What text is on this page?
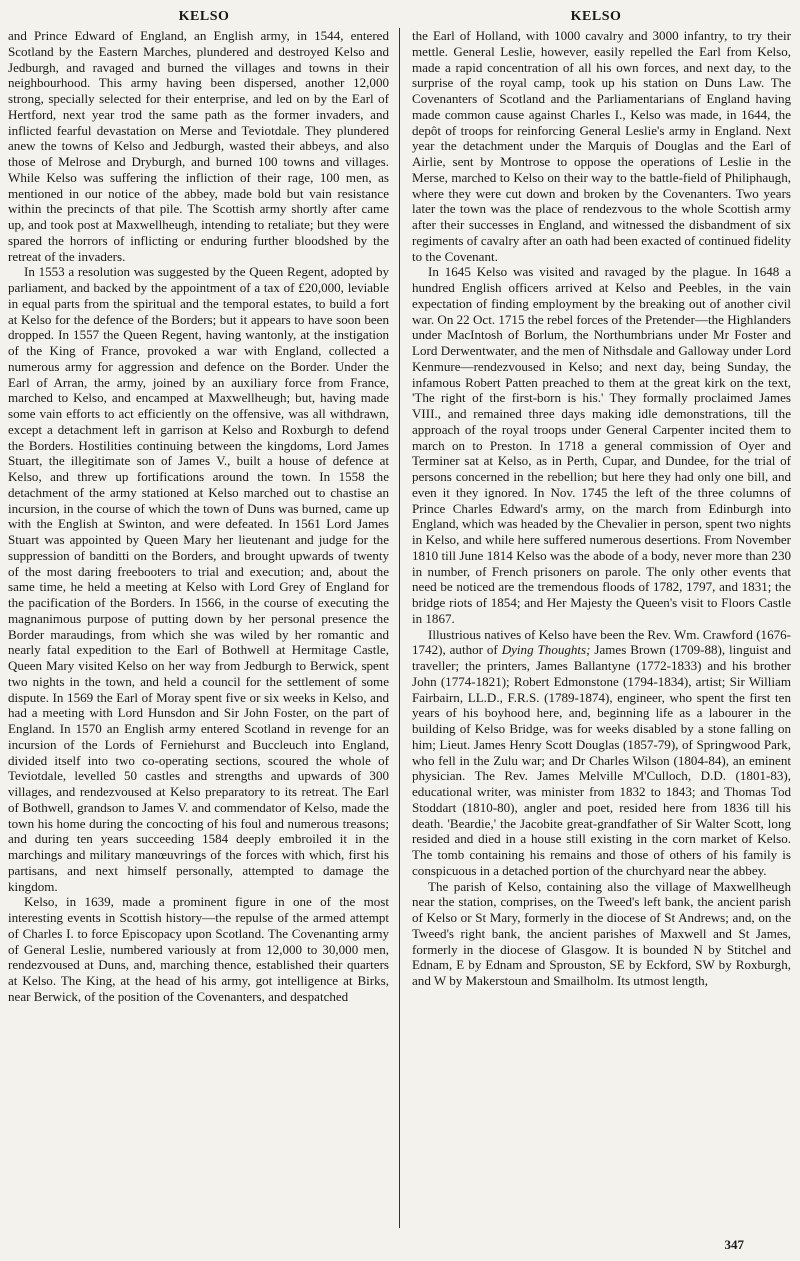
KELSO	KELSO

and Prince Edward of England, an English army, in 1544, entered Scotland by the Eastern Marches, plundered and destroyed Kelso and Jedburgh, and ravaged and burned the villages and towns in their neighbourhood. This army having been dispersed, another 12,000 strong, specially selected for their enterprise, and led on by the Earl of Hertford, next year trod the same path as the former invaders, and inflicted fearful devastation on Merse and Teviotdale. They plundered anew the towns of Kelso and Jedburgh, wasted their abbeys, and also those of Melrose and Dryburgh, and burned 100 towns and villages. While Kelso was suffering the infliction of their rage, 100 men, as mentioned in our notice of the abbey, made bold but vain resistance within the precincts of that pile. The Scottish army shortly after came up, and took post at Maxwellheugh, intending to retaliate; but they were spared the horrors of inflicting or enduring further bloodshed by the retreat of the invaders.

In 1553 a resolution was suggested by the Queen Regent, adopted by parliament, and backed by the appointment of a tax of £20,000, leviable in equal parts from the spiritual and the temporal estates, to build a fort at Kelso for the defence of the Borders; but it appears to have soon been dropped. In 1557 the Queen Regent, having wantonly, at the instigation of the King of France, provoked a war with England, collected a numerous army for aggression and defence on the Border. Under the Earl of Arran, the army, joined by an auxiliary force from France, marched to Kelso, and encamped at Maxwellheugh; but, having made some vain efforts to act efficiently on the offensive, was all withdrawn, except a detachment left in garrison at Kelso and Roxburgh to defend the Borders. Hostilities continuing between the kingdoms, Lord James Stuart, the illegitimate son of James V., built a house of defence at Kelso, and threw up fortifications around the town. In 1558 the detachment of the army stationed at Kelso marched out to chastise an incursion, in the course of which the town of Duns was burned, came up with the English at Swinton, and were defeated. In 1561 Lord James Stuart was appointed by Queen Mary her lieutenant and judge for the suppression of banditti on the Borders, and brought upwards of twenty of the most daring freebooters to trial and execution; and, about the same time, he held a meeting at Kelso with Lord Grey of England for the pacification of the Borders. In 1566, in the course of executing the magnanimous purpose of putting down by her personal presence the Border maraudings, from which she was wiled by her romantic and nearly fatal expedition to the Earl of Bothwell at Hermitage Castle, Queen Mary visited Kelso on her way from Jedburgh to Berwick, spent two nights in the town, and held a council for the settlement of some dispute. In 1569 the Earl of Moray spent five or six weeks in Kelso, and had a meeting with Lord Hunsdon and Sir John Foster, on the part of England. In 1570 an English army entered Scotland in revenge for an incursion of the Lords of Ferniehurst and Buccleuch into England, divided itself into two co-operating sections, scoured the whole of Teviotdale, levelled 50 castles and strengths and upwards of 300 villages, and rendezvoused at Kelso preparatory to its retreat. The Earl of Bothwell, grandson to James V. and commendator of Kelso, made the town his home during the concocting of his foul and numerous treasons; and during ten years succeeding 1584 deeply embroiled it in the marchings and military manœuvrings of the forces with which, first his partisans, and next himself personally, attempted to damage the kingdom.

Kelso, in 1639, made a prominent figure in one of the most interesting events in Scottish history—the repulse of the armed attempt of Charles I. to force Episcopacy upon Scotland. The Covenanting army of General Leslie, numbered variously at from 12,000 to 30,000 men, rendezvoused at Duns, and, marching thence, established their quarters at Kelso. The King, at the head of his army, got intelligence at Birks, near Berwick, of the position of the Covenanters, and despatched

the Earl of Holland, with 1000 cavalry and 3000 infantry, to try their mettle. General Leslie, however, easily repelled the Earl from Kelso, made a rapid concentration of all his own forces, and next day, to the surprise of the royal camp, took up his station on Duns Law. The Covenanters of Scotland and the Parliamentarians of England having made common cause against Charles I., Kelso was made, in 1644, the depôt of troops for reinforcing General Leslie's army in England. Next year the detachment under the Marquis of Douglas and the Earl of Airlie, sent by Montrose to oppose the operations of Leslie in the Merse, marched to Kelso on their way to the battle-field of Philiphaugh, where they were cut down and broken by the Covenanters. Two years later the town was the place of rendezvous to the whole Scottish army after their successes in England, and witnessed the disbandment of six regiments of cavalry after an oath had been exacted of continued fidelity to the Covenant.

In 1645 Kelso was visited and ravaged by the plague. In 1648 a hundred English officers arrived at Kelso and Peebles, in the vain expectation of finding employment by the breaking out of another civil war. On 22 Oct. 1715 the rebel forces of the Pretender—the Highlanders under MacIntosh of Borlum, the Northumbrians under Mr Foster and Lord Derwentwater, and the men of Nithsdale and Galloway under Lord Kenmure—rendezvoused in Kelso; and next day, being Sunday, the infamous Robert Patten preached to them at the great kirk on the text, 'The right of the first-born is his.' They formally proclaimed James VIII., and remained three days making idle demonstrations, till the approach of the royal troops under General Carpenter incited them to march on to Preston. In 1718 a general commission of Oyer and Terminer sat at Kelso, as in Perth, Cupar, and Dundee, for the trial of persons concerned in the rebellion; but here they had only one bill, and even it they ignored. In Nov. 1745 the left of the three columns of Prince Charles Edward's army, on the march from Edinburgh into England, which was headed by the Chevalier in person, spent two nights in Kelso, and while here suffered numerous desertions. From November 1810 till June 1814 Kelso was the abode of a body, never more than 230 in number, of French prisoners on parole. The only other events that need be noticed are the tremendous floods of 1782, 1797, and 1831; the bridge riots of 1854; and Her Majesty the Queen's visit to Floors Castle in 1867.

Illustrious natives of Kelso have been the Rev. Wm. Crawford (1676-1742), author of Dying Thoughts; James Brown (1709-88), linguist and traveller; the printers, James Ballantyne (1772-1833) and his brother John (1774-1821); Robert Edmonstone (1794-1834), artist; Sir William Fairbairn, LL.D., F.R.S. (1789-1874), engineer, who spent the first ten years of his boyhood here, and, beginning life as a labourer in the building of Kelso Bridge, was for weeks disabled by a stone falling on him; Lieut. James Henry Scott Douglas (1857-79), of Springwood Park, who fell in the Zulu war; and Dr Charles Wilson (1804-84), an eminent physician. The Rev. James Melville M'Culloch, D.D. (1801-83), educational writer, was minister from 1832 to 1843; and Thomas Tod Stoddart (1810-80), angler and poet, resided here from 1836 till his death. 'Beardie,' the Jacobite great-grandfather of Sir Walter Scott, long resided and died in a house still existing in the corn market of Kelso. The tomb containing his remains and those of others of his family is conspicuous in a detached portion of the churchyard near the abbey.

The parish of Kelso, containing also the village of Maxwellheugh near the station, comprises, on the Tweed's left bank, the ancient parish of Kelso or St Mary, formerly in the diocese of St Andrews; and, on the Tweed's right bank, the ancient parishes of Maxwell and St James, formerly in the diocese of Glasgow. It is bounded N by Stitchel and Ednam, E by Ednam and Sprouston, SE by Eckford, SW by Roxburgh, and W by Makerstoun and Smailholm. Its utmost length,

347
